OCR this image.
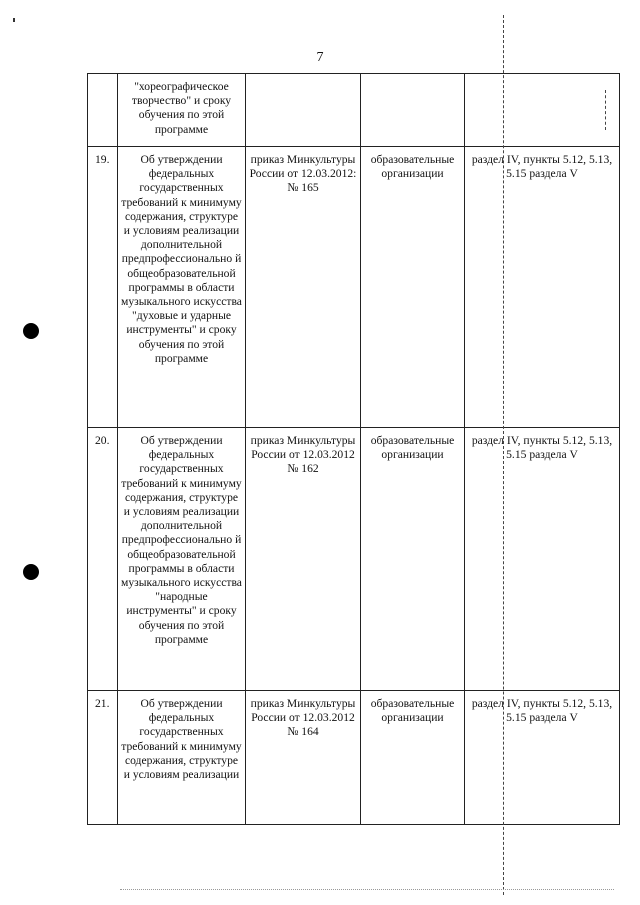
7
	"хореографическое творчество" и сроку обучения по этой программе			
19.	Об утверждении федеральных государственных требований к минимуму содержания, структуре и условиям реализации дополнительной предпрофессионально й общеобразовательной программы в области музыкального искусства "духовые и ударные инструменты" и сроку обучения по этой программе	приказ Минкультуры России от 12.03.2012: № 165	образовательные организации	раздел IV, пункты 5.12, 5.13, 5.15 раздела V
20.	Об утверждении федеральных государственных требований к минимуму содержания, структуре и условиям реализации дополнительной предпрофессионально й общеобразовательной программы в области музыкального искусства "народные инструменты" и сроку обучения по этой программе	приказ Минкультуры России от 12.03.2012 № 162	образовательные организации	раздел IV, пункты 5.12, 5.13, 5.15 раздела V
21.	Об утверждении федеральных государственных требований к минимуму содержания, структуре и условиям реализации	приказ Минкультуры России от 12.03.2012 № 164	образовательные организации	раздел IV, пункты 5.12, 5.13, 5.15 раздела V
